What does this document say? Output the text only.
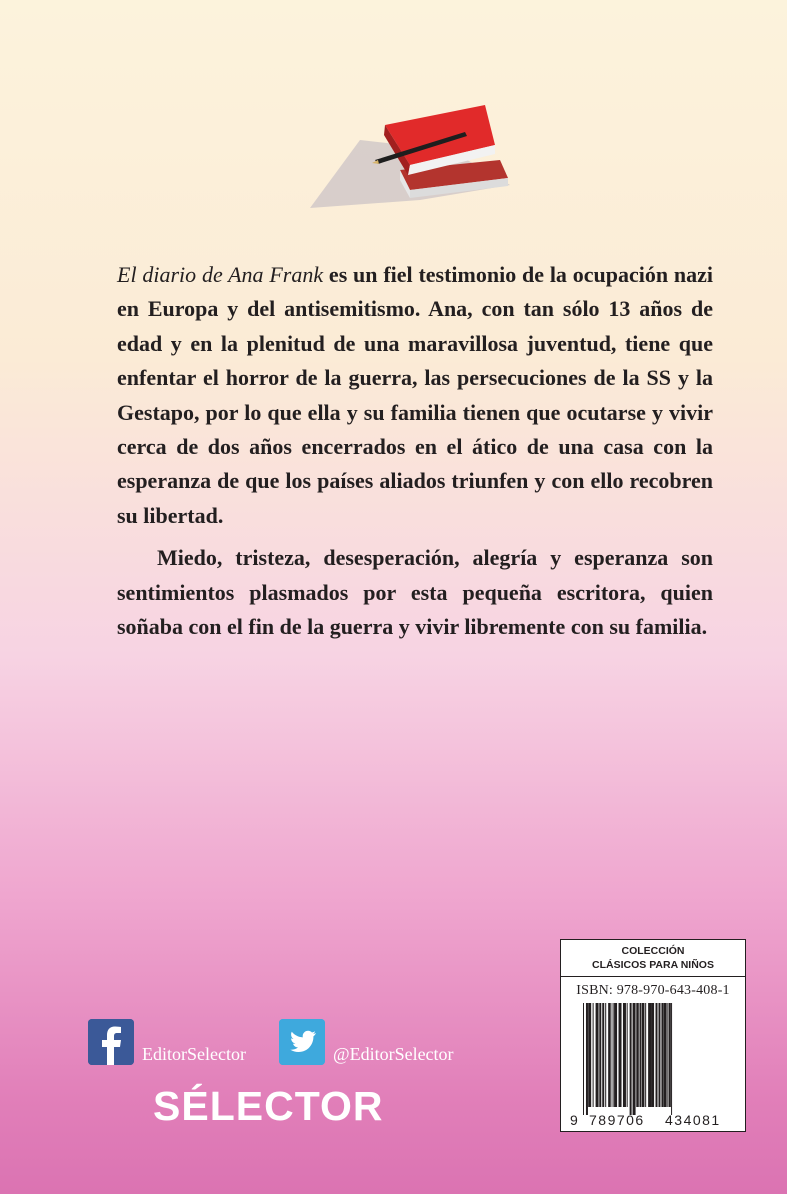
El diario de Ana Frank es un fiel testimonio de la ocupación nazi en Europa y del antisemitismo. Ana, con tan sólo 13 años de edad y en la plenitud de una maravillosa juventud, tiene que enfentar el horror de la guerra, las persecuciones de la SS y la Gestapo, por lo que ella y su familia tienen que ocutarse y vivir cerca de dos años encerrados en el ático de una casa con la esperanza de que los países aliados triunfen y con ello recobren su libertad.

Miedo, tristeza, desesperación, alegría y esperanza son sentimientos plasmados por esta pequeña escritora, quien soñaba con el fin de la guerra y vivir libremente con su familia.

EditorSelector	@EditorSelector
SÉLECTOR
COLECCIÓN
CLÁSICOS PARA NIÑOS
ISBN: 978-970-643-408-1
9 789706 434081
